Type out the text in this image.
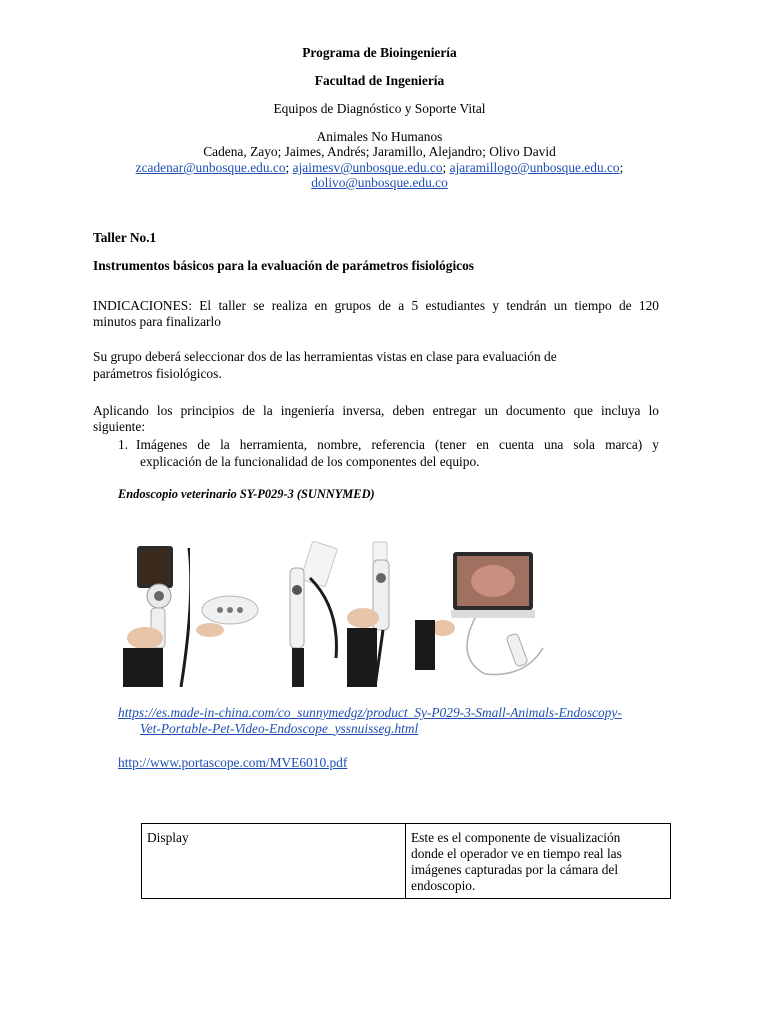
Programa de Bioingeniería
Facultad de Ingeniería
Equipos de Diagnóstico y Soporte Vital
Animales No Humanos
Cadena, Zayo; Jaimes, Andrés; Jaramillo, Alejandro; Olivo David
zcadenar@unbosque.edu.co; ajaimesv@unbosque.edu.co; ajaramillogo@unbosque.edu.co;
dolivo@unbosque.edu.co
Taller No.1
Instrumentos básicos para la evaluación de parámetros fisiológicos
INDICACIONES: El taller se realiza en grupos de a 5 estudiantes y tendrán un tiempo de 120
minutos para finalizarlo
Su grupo deberá seleccionar dos de las herramientas vistas en clase para evaluación de
parámetros fisiológicos.
Aplicando los principios de la ingeniería inversa, deben entregar un documento que incluya lo
siguiente:
1. Imágenes de la herramienta, nombre, referencia (tener en cuenta una sola marca) y
explicación de la funcionalidad de los componentes del equipo.
Endoscopio veterinario SY-P029-3 (SUNNYMED)
https://es.made-in-china.com/co_sunnymedgz/product_Sy-P029-3-Small-Animals-Endoscopy-
Vet-Portable-Pet-Video-Endoscope_yssnuisseg.html
http://www.portascope.com/MVE6010.pdf
Display	Este es el componente de visualización
donde el operador ve en tiempo real las
imágenes capturadas por la cámara del
endoscopio.
